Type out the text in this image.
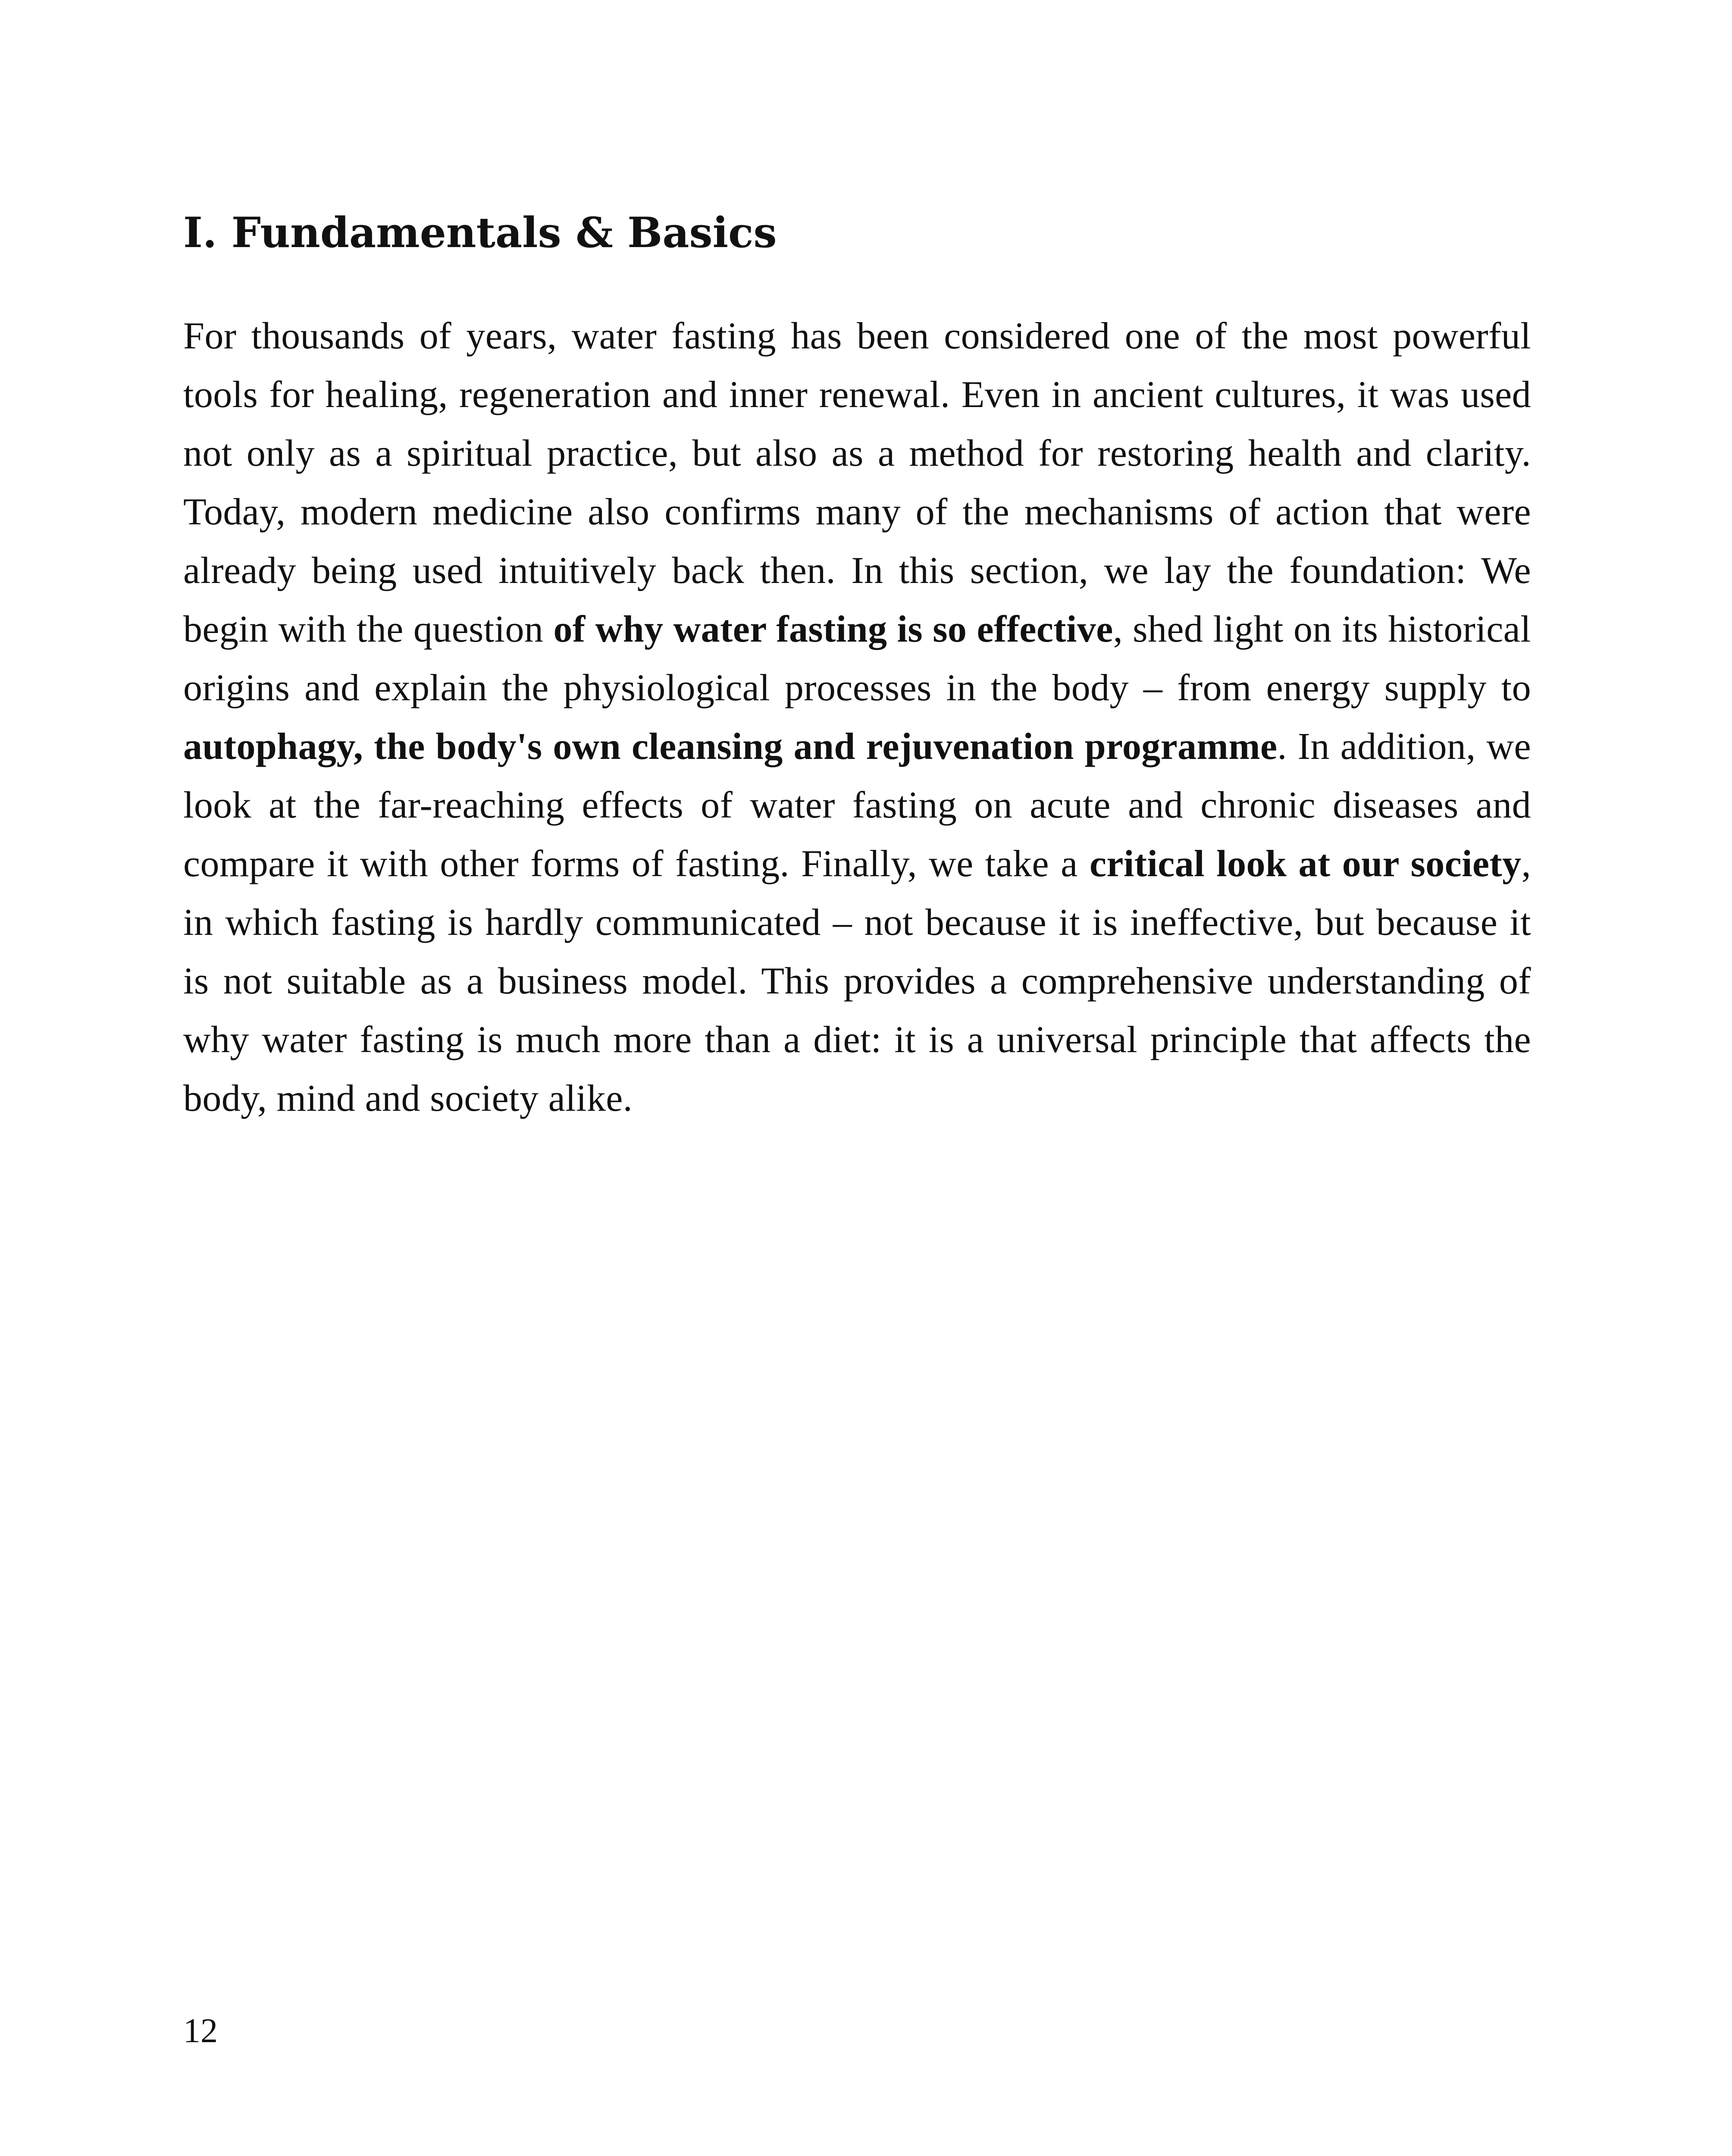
I. Fundamentals & Basics

For thousands of years, water fasting has been considered one of the most powerful tools for healing, regeneration and inner renewal. Even in ancient cultures, it was used not only as a spiritual practice, but also as a method for restoring health and clarity. Today, modern medicine also confirms many of the mechanisms of action that were already being used intuitively back then. In this section, we lay the foundation: We begin with the question of why water fasting is so effective, shed light on its historical origins and explain the physiological processes in the body – from energy supply to autophagy, the body's own cleansing and rejuvenation programme. In addition, we look at the far-reaching effects of water fasting on acute and chronic diseases and compare it with other forms of fasting. Finally, we take a critical look at our society, in which fasting is hardly communicated – not because it is ineffective, but because it is not suitable as a business model. This provides a comprehensive understanding of why water fasting is much more than a diet: it is a universal principle that affects the body, mind and society alike.

12
